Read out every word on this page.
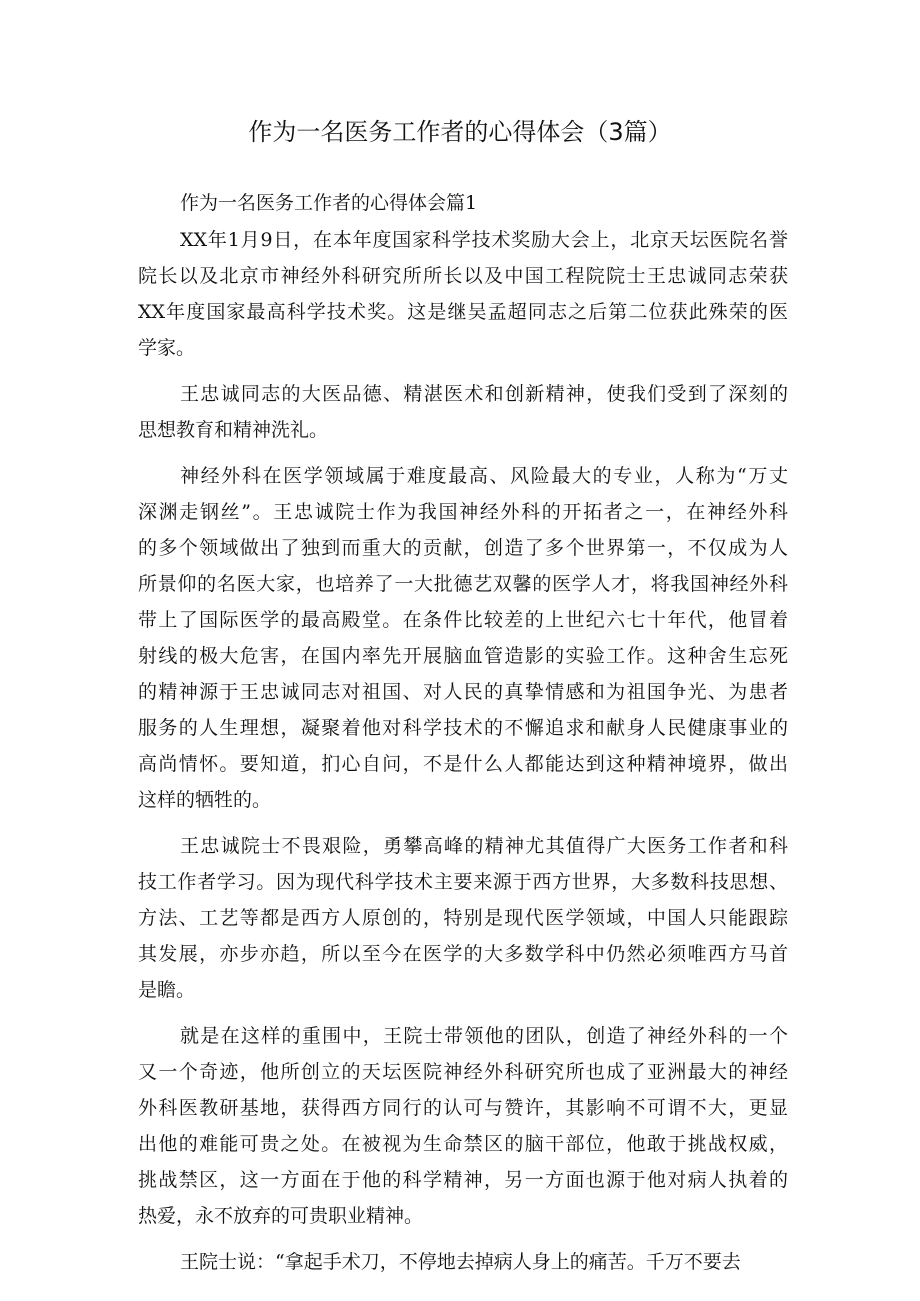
作为一名医务工作者的心得体会（3篇）

作为一名医务工作者的心得体会篇1

XX年1月9日，在本年度国家科学技术奖励大会上，北京天坛医院名誉
院长以及北京市神经外科研究所所长以及中国工程院院士王忠诚同志荣获
XX年度国家最高科学技术奖。这是继吴孟超同志之后第二位获此殊荣的医
学家。
王忠诚同志的大医品德、精湛医术和创新精神，使我们受到了深刻的
思想教育和精神洗礼。
神经外科在医学领域属于难度最高、风险最大的专业，人称为“万丈
深渊走钢丝”。王忠诚院士作为我国神经外科的开拓者之一，在神经外科
的多个领域做出了独到而重大的贡献，创造了多个世界第一，不仅成为人
所景仰的名医大家，也培养了一大批德艺双馨的医学人才，将我国神经外科
带上了国际医学的最高殿堂。在条件比较差的上世纪六七十年代，他冒着
射线的极大危害，在国内率先开展脑血管造影的实验工作。这种舍生忘死
的精神源于王忠诚同志对祖国、对人民的真挚情感和为祖国争光、为患者
服务的人生理想，凝聚着他对科学技术的不懈追求和献身人民健康事业的
高尚情怀。要知道，扪心自问，不是什么人都能达到这种精神境界，做出
这样的牺牲的。
王忠诚院士不畏艰险，勇攀高峰的精神尤其值得广大医务工作者和科
技工作者学习。因为现代科学技术主要来源于西方世界，大多数科技思想、
方法、工艺等都是西方人原创的，特别是现代医学领域，中国人只能跟踪
其发展，亦步亦趋，所以至今在医学的大多数学科中仍然必须唯西方马首
是瞻。
就是在这样的重围中，王院士带领他的团队，创造了神经外科的一个
又一个奇迹，他所创立的天坛医院神经外科研究所也成了亚洲最大的神经
外科医教研基地，获得西方同行的认可与赞许，其影响不可谓不大，更显
出他的难能可贵之处。在被视为生命禁区的脑干部位，他敢于挑战权威，
挑战禁区，这一方面在于他的科学精神，另一方面也源于他对病人执着的
热爱，永不放弃的可贵职业精神。
王院士说：“拿起手术刀，不停地去掉病人身上的痛苦。千万不要去
